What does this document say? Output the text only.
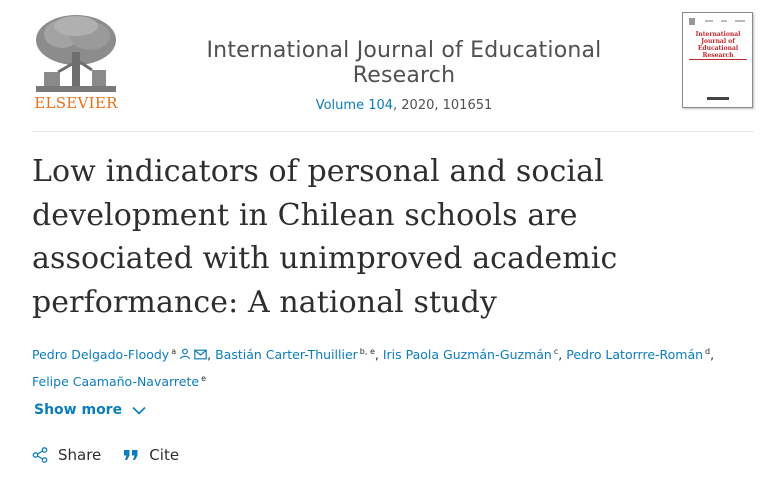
ELSEVIER
International Journal of Educational Research
Volume 104, 2020, 101651
International Journal of Educational Research
Low indicators of personal and social development in Chilean schools are associated with unimproved academic performance: A national study
Pedro Delgado-Floody $^a$ , Bastián Carter-Thuillier $^{b, e}$, Iris Paola Guzmán-Guzmán $^c$, Pedro Latorrre-Román $^d$,
Felipe Caamaño-Navarrete $^e$
Show more
Share	Cite
